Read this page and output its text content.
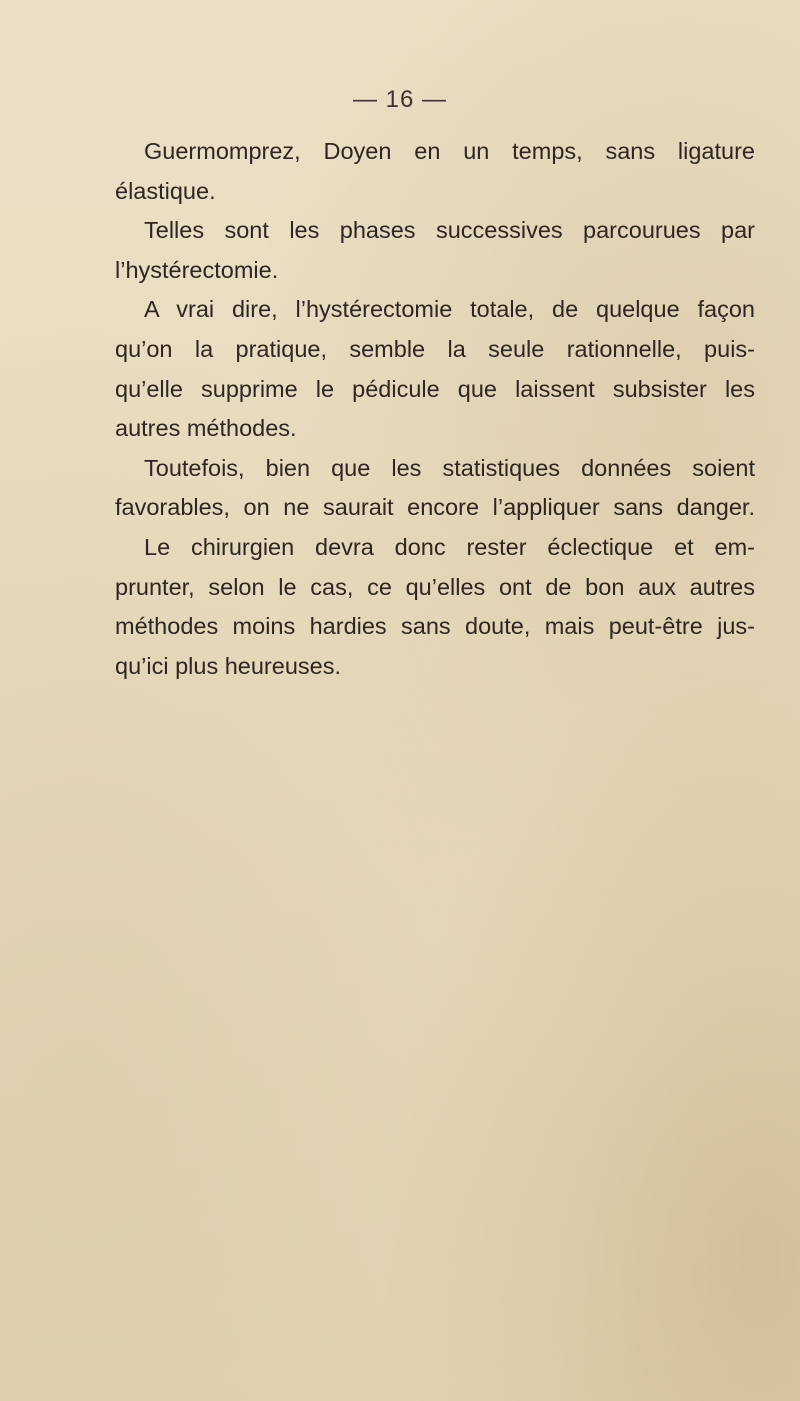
— 16 —
Guermomprez, Doyen en un temps, sans ligature
élastique.
Telles sont les phases successives parcourues par
l’hystérectomie.
A vrai dire, l’hystérectomie totale, de quelque façon
qu’on la pratique, semble la seule rationnelle, puis-
qu’elle supprime le pédicule que laissent subsister les
autres méthodes.
Toutefois, bien que les statistiques données soient
favorables, on ne saurait encore l’appliquer sans danger.
Le chirurgien devra donc rester éclectique et em-
prunter, selon le cas, ce qu’elles ont de bon aux autres
méthodes moins hardies sans doute, mais peut-être jus-
qu’ici plus heureuses.
